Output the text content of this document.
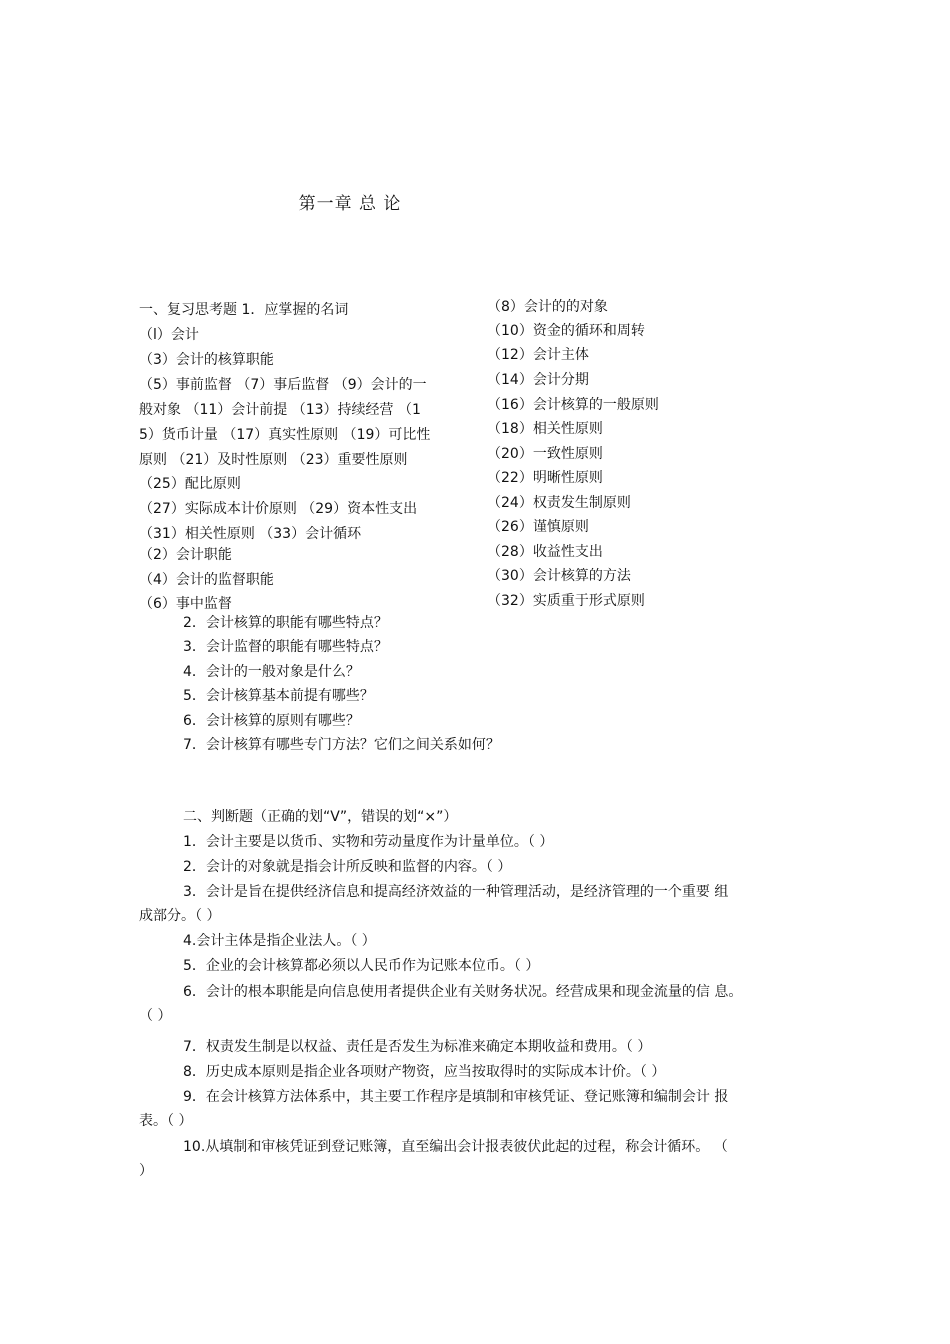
第一章 总 论
一、复习思考题 1．应掌握的名词
（l）会计
（3）会计的核算职能
（5）事前监督 （7）事后监督 （9）会计的一
般对象 （11）会计前提 （13）持续经营 （1
5）货币计量 （17）真实性原则 （19）可比性
原则 （21）及时性原则 （23）重要性原则
（25）配比原则
（27）实际成本计价原则 （29）资本性支出
（31）相关性原则 （33）会计循环
（2）会计职能
（4）会计的监督职能
（6）事中监督
（8）会计的的对象
（10）资金的循环和周转
（12）会计主体
（14）会计分期
（16）会计核算的一般原则
（18）相关性原则
（20）一致性原则
（22）明晰性原则
（24）权责发生制原则
（26）谨慎原则
（28）收益性支出
（30）会计核算的方法
（32）实质重于形式原则
2．会计核算的职能有哪些特点？
3．会计监督的职能有哪些特点？
4．会计的一般对象是什么？
5．会计核算基本前提有哪些？
6．会计核算的原则有哪些？
7．会计核算有哪些专门方法？它们之间关系如何？
二、判断题（正确的划“V”，错误的划“×”）
1．会计主要是以货币、实物和劳动量度作为计量单位。（ ）
2．会计的对象就是指会计所反映和监督的内容。（ ）
3．会计是旨在提供经济信息和提高经济效益的一种管理活动，是经济管理的一个重要 组
成部分。（ ）
4.会计主体是指企业法人。（ ）
5．企业的会计核算都必须以人民币作为记账本位币。（ ）
6．会计的根本职能是向信息使用者提供企业有关财务状况。经营成果和现金流量的信 息。
（ ）
7．权责发生制是以权益、责任是否发生为标准来确定本期收益和费用。（ ）
8．历史成本原则是指企业各项财产物资，应当按取得时的实际成本计价。（ ）
9．在会计核算方法体系中，其主要工作程序是填制和审核凭证、登记账簿和编制会计 报
表。（ ）
10.从填制和审核凭证到登记账簿，直至编出会计报表彼伏此起的过程，称会计循环。 （
）
